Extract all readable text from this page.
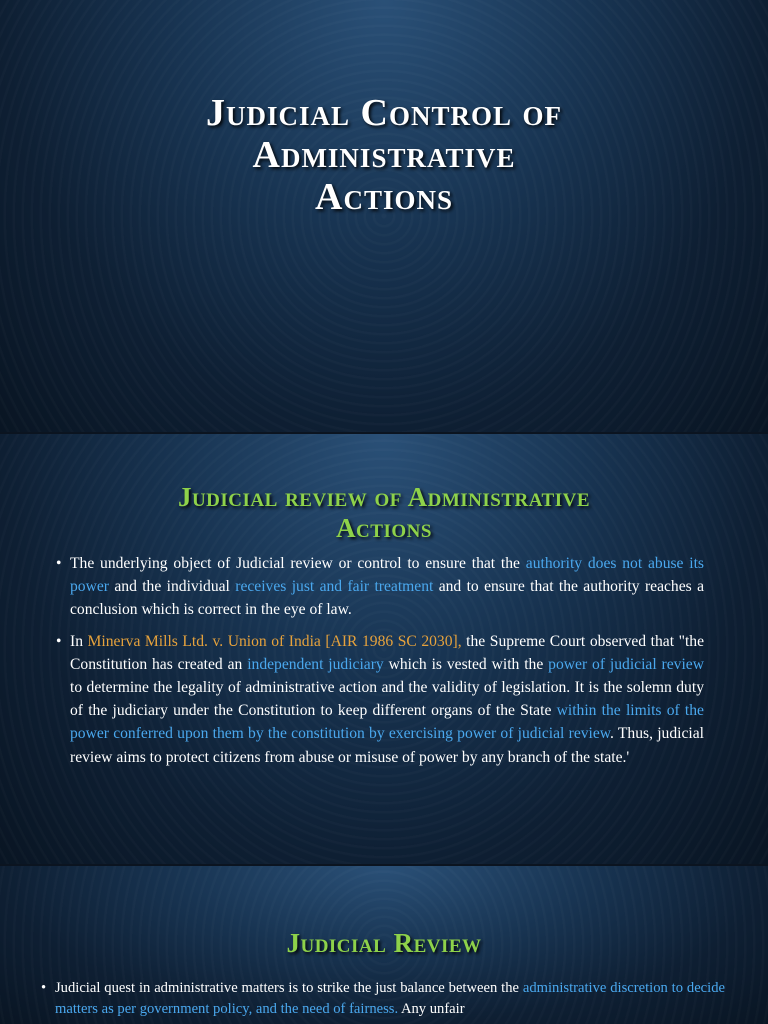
Judicial Control of
Administrative
Actions
Judicial review of Administrative
Actions
• The underlying object of Judicial review or control to ensure that the authority does not abuse its power and the individual receives just and fair treatment and to ensure that the authority reaches a conclusion which is correct in the eye of law.
• In Minerva Mills Ltd. v. Union of India [AIR 1986 SC 2030], the Supreme Court observed that "the Constitution has created an independent judiciary which is vested with the power of judicial review to determine the legality of administrative action and the validity of legislation. It is the solemn duty of the judiciary under the Constitution to keep different organs of the State within the limits of the power conferred upon them by the constitution by exercising power of judicial review. Thus, judicial review aims to protect citizens from abuse or misuse of power by any branch of the state.'
Judicial Review
• Judicial quest in administrative matters is to strike the just balance between the administrative discretion to decide matters as per government policy, and the need of fairness. Any unfair
